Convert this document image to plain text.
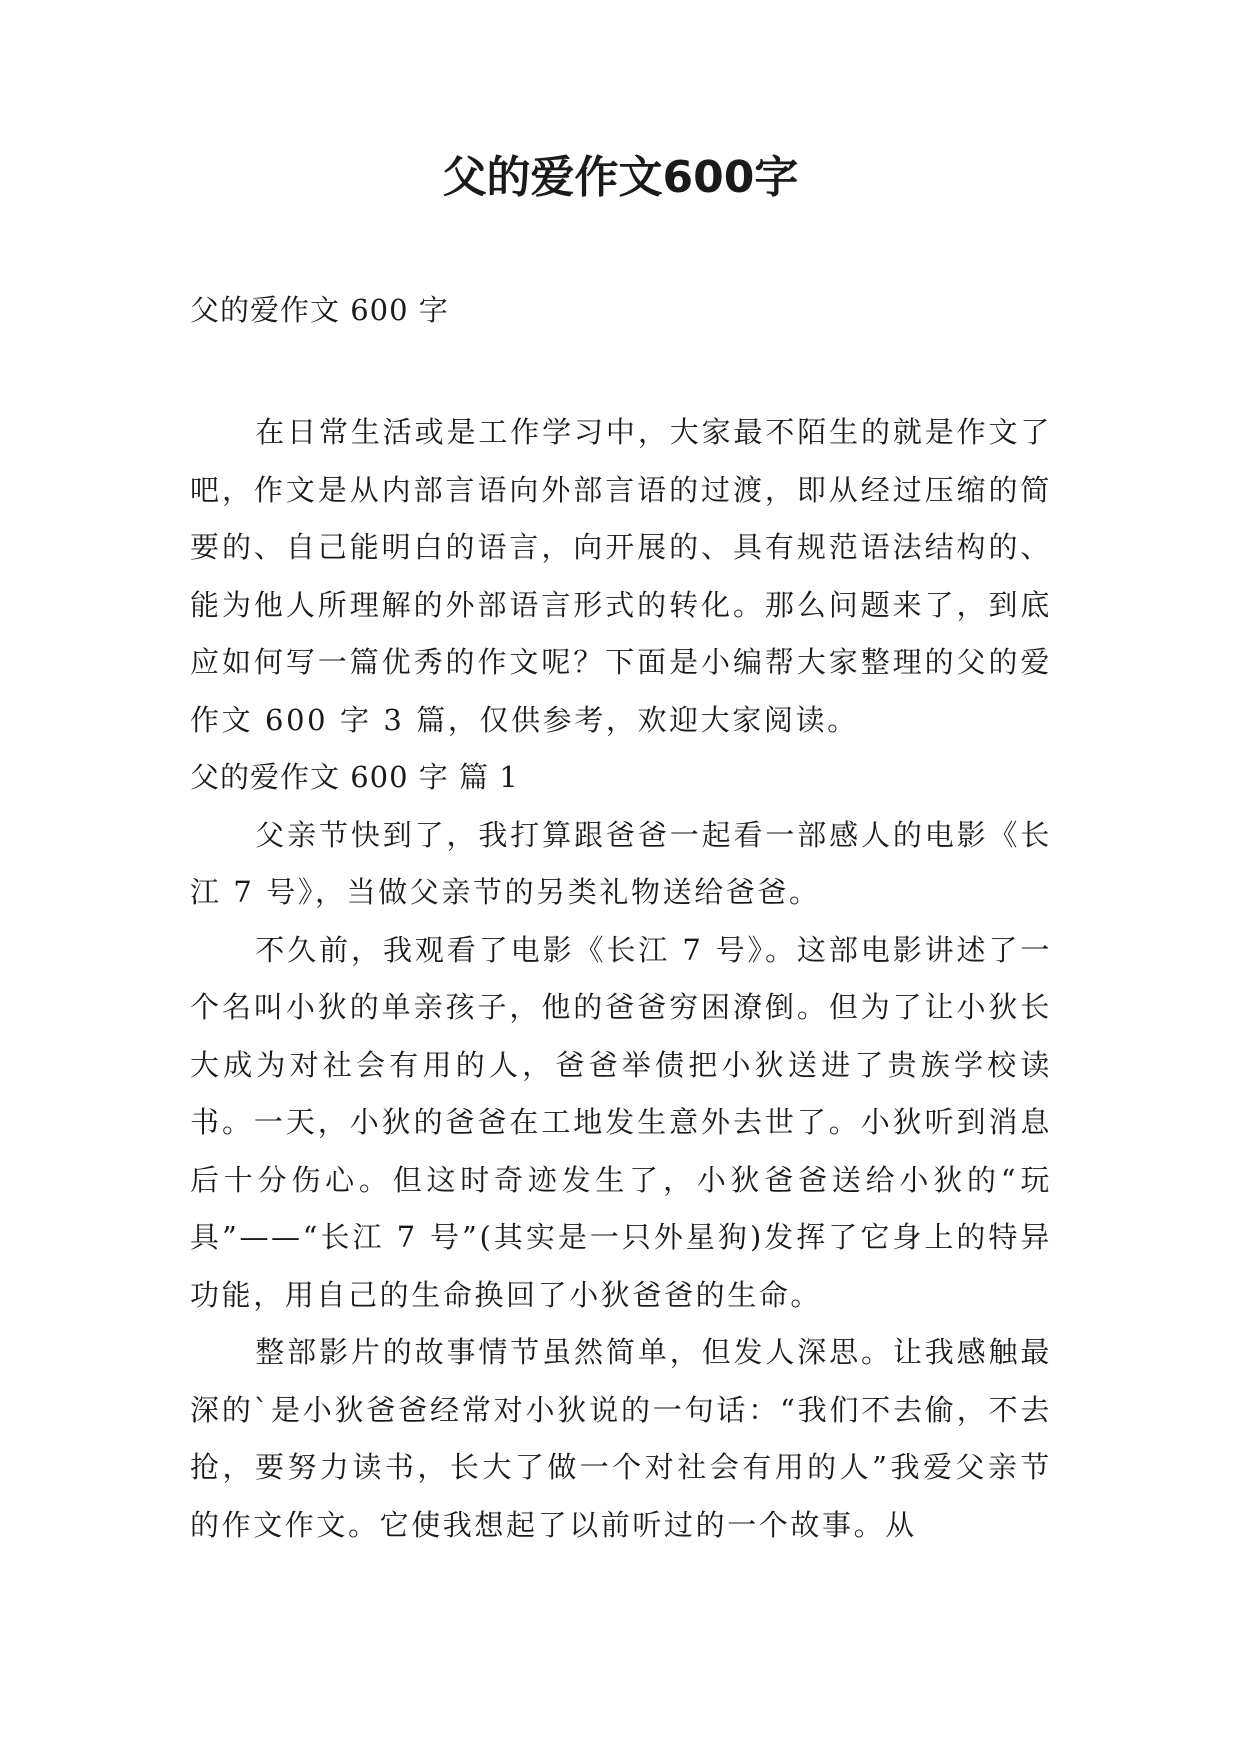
父的爱作文600字

父的爱作文 600 字

在日常生活或是工作学习中，大家最不陌生的就是作文了吧，作文是从内部言语向外部言语的过渡，即从经过压缩的简要的、自己能明白的语言，向开展的、具有规范语法结构的、能为他人所理解的外部语言形式的转化。那么问题来了，到底应如何写一篇优秀的作文呢？下面是小编帮大家整理的父的爱作文 600 字 3 篇，仅供参考，欢迎大家阅读。

父的爱作文 600 字 篇 1

父亲节快到了，我打算跟爸爸一起看一部感人的电影《长江 7 号》，当做父亲节的另类礼物送给爸爸。

不久前，我观看了电影《长江 7 号》。这部电影讲述了一个名叫小狄的单亲孩子，他的爸爸穷困潦倒。但为了让小狄长大成为对社会有用的人，爸爸举债把小狄送进了贵族学校读书。一天，小狄的爸爸在工地发生意外去世了。小狄听到消息后十分伤心。但这时奇迹发生了，小狄爸爸送给小狄的“玩具”——“长江 7 号”(其实是一只外星狗)发挥了它身上的特异功能，用自己的生命换回了小狄爸爸的生命。

整部影片的故事情节虽然简单，但发人深思。让我感触最深的`是小狄爸爸经常对小狄说的一句话：“我们不去偷，不去抢，要努力读书，长大了做一个对社会有用的人”我爱父亲节的作文作文。它使我想起了以前听过的一个故事。从
